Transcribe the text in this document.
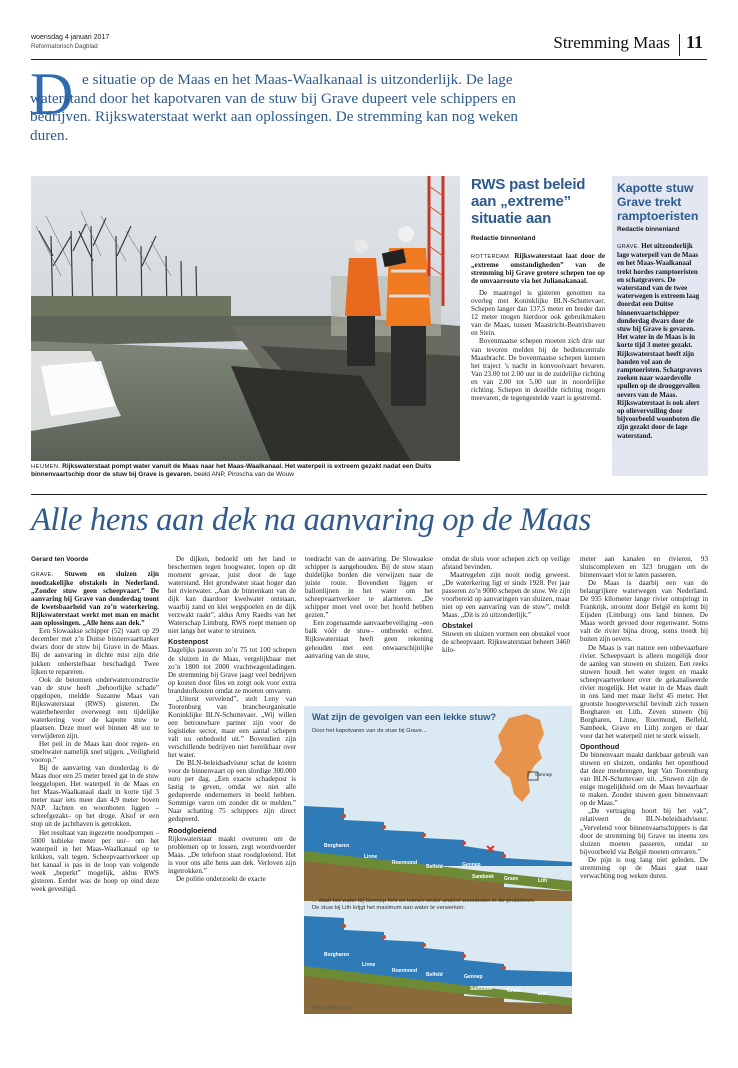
woensdag 4 januari 2017
Reformatorisch Dagblad	Stremming Maas 11
D e situatie op de Maas en het Maas-Waalkanaal is uitzonderlijk. De lage waterstand door het kapotvaren van de stuw bij Grave dupeert vele schippers en bedrijven. Rijkswaterstaat werkt aan oplossingen. De stremming kan nog weken duren.
HEUMEN. Rijkswaterstaat pompt water vanuit de Maas naar het Maas-Waalkanaal. Het waterpeil is extreem gezakt nadat een Duits binnenvaartschip door de stuw bij Grave is gevaren. beeld ANP, Piroscha van de Wouw
RWS past beleid aan „extreme” situatie aan
Redactie binnenland
ROTTERDAM. Rijkswaterstaat laat door de „extreme omstandigheden” van de stremming bij Grave grotere schepen toe op de omvaarroute via het Julianakanaal.
De maatregel is gisteren genomen na overleg met Koninklijke BLN-Schuttevaer. Schepen langer dan 137,5 meter en breder dan 12 meter mogen hierdoor ook gebruikmaken van de Maas, tussen Maastricht-Beatrixhaven en Stein.
Bovenmaatse schepen moeten zich drie uur van tevoren melden bij de bediencentrale Maasbracht. De bovenmaatse schepen kunnen het traject ’s nacht in konvooivaart bevaren. Van 23.00 tot 2.00 uur in de zuidelijke richting en van 2.00 tot 5.00 uur in noordelijke richting. Schepen in dezelfde richting mogen meevaren, de tegengestelde vaart is gestremd.
Kapotte stuw Grave trekt ramptoeristen
Redactie binnenland
GRAVE. Het uitzonderlijk lage waterpeil van de Maas en het Maas-Waalkanaal trekt hordes ramptoeristen en schatgravers. De waterstand van de twee waterwegen is extreem laag doordat een Duitse binnenvaartschipper donderdag dwars door de stuw bij Grave is gevaren. Het water in de Maas is in korte tijd 3 meter gezakt. Rijkswaterstaat heeft zijn handen vol aan de ramptoeristen. Schatgravers zoeken naar waardevolle spullen op de drooggevallen oevers van de Maas. Rijkswaterstaat is ook alert op olievervuiling door bijvoorbeeld woonboten die zijn gezakt door de lage waterstand.
Alle hens aan dek na aanvaring op de Maas
Gerard ten Voorde
GRAVE. Stuwen en sluizen zijn noodzakelijke obstakels in Nederland. „Zonder stuw geen scheepvaart.” De aanvaring bij Grave van donderdag toont de kwetsbaarheid van zo’n waterkering. Rijkswaterstaat werkt met man en macht aan oplossingen. „Alle hens aan dek.”
Een Slowaakse schipper (52) vaart op 29 december met z’n Duitse binnenvaarttanker dwars door de stuw bij Grave in de Maas. Bij de aanvaring in dichte mist zijn drie jukken onherstelbaar beschadigd. Twee lijken te repareren.
Ook de betonnen onderwaterconstructie van de stuw heeft „behoorlijke schade” opgelopen, meldde Suzanne Maas van Rijkswaterstaat (RWS) gisteren. De waterbeheerder overweegt een tijdelijke waterkering voor de kapotte stuw te plaatsen. Deze moet wel binnen 48 uur te verwijderen zijn.
Het peil in de Maas kan door regen- en smeltwater namelijk snel stijgen. „Veiligheid voorop.”
Bij de aanvaring van donderdag is de Maas door een 25 meter breed gat in de stuw leeggelopen. Het waterpeil in de Maas en het Maas-Waalkanaal daalt in korte tijd 3 meter naar iets meer dan 4,9 meter boven NAP. Jachten en woonboten liggen –scheefgezakt– op het droge. Alsof er een stop uit de jachthaven is getrokken.
Het resultaat van ingezette noodpompen –5000 kubieke meter per uur– om het waterpeil in het Maas-Waalkanaal op te krikken, valt tegen. Scheepvaartverkeer op het kanaal is pas in de loop van volgende week „beperkt” mogelijk, aldus RWS gisteren. Eerder was de hoop op eind deze week gevestigd.
De dijken, bedoeld om het land te beschermen tegen hoogwater, lopen op dit moment gevaar, juist door de lage waterstand. Het grondwater staat hoger dan het rivierwater. „Aan de binnenkant van de dijk kan daardoor kwelwater ontstaan, waarbij zand en klei wegspoelen en de dijk verzwakt raakt”, aldus Arny Raedts van het Waterschap Limburg. RWS roept mensen op niet langs het water te struinen.
Kostenpost
Dagelijks passeren zo’n 75 tot 100 schepen de sluizen in de Maas, vergelijkbaar met zo’n 1800 tot 2000 vrachtwagenladingen. De stremming bij Grave jaagt veel bedrijven op kosten door files en zorgt ook voor extra brandstofkosten omdat ze moeten omvaren.
„Uiterst vervelend”, stelt Leny van Toorenburg van brancheorganisatie Koninklijke BLN-Schuttevaer. „Wij willen een betrouwbare partner zijn voor de logistieke sector, maar een aantal schepen valt nu onbedoeld uit.” Bovendien zijn verschillende bedrijven niet bereikbaar over het water.
De BLN-beleidsadviseur schat de kosten voor de binnenvaart op een slordige 300.000 euro per dag. „Een exacte schadepost is lastig te geven, omdat we niet alle gedupeerde ondernemers in beeld hebben. Sommige varen om zonder dit te melden.” Naar schatting 75 schippers zijn direct gedupeerd.
Roodgloeiend
Rijkswaterstaat maakt overuren om de problemen op te lossen, zegt woordvoerder Maas. „De telefoon staat roodgloeiend. Het is voor ons alle hens aan dek. Verloven zijn ingetrokken.”
De politie onderzoekt de exacte
toedracht van de aanvaring. De Slowaakse schipper is aangehouden. Bij de stuw staan duidelijke borden die verwijzen naar de juiste route. Bovendien liggen er ballonlijnen in het water om het scheepvaartverkeer te alarmeren. „De schipper moet veel over het hoofd hebben gezien.”
Een zogenaamde aanvaarbeveiliging –een balk vóór de stuw– ontbreekt echter. Rijkswaterstaat heeft geen rekening gehouden met een onwaarschijnlijke aanvaring van de stuw,
omdat de sluis voor schepen zich op veilige afstand bevinden.
Maatregelen zijn nooit nodig geweest. „De waterkering ligt er sinds 1928. Per jaar passeren zo’n 9000 schepen de stuw. We zijn voorbereid op aanvaringen van sluizen, maar niet op een aanvaring van de stuw”, meldt Maas. „Dit is zó uitzonderlijk.”
Obstakel
Stuwen en sluizen vormen een obstakel voor de scheepvaart. Rijkswaterstaat beheert 3460 kilo-
meter aan kanalen en rivieren, 93 sluiscomplexen en 323 bruggen om de binnenvaart vlot te laten passeren.
De Maas is daarbij een van de belangrijkere waterwegen van Nederland. De 935 kilometer lange rivier ontspringt in Frankrijk, stroomt door België en komt bij Eijsden (Limburg) ons land binnen. De Maas wordt gevoed door regenwater. Soms valt de rivier bijna droog, soms treedt hij buiten zijn oevers.
De Maas is van nature een onbevaarbare rivier. Scheepvaart is alleen mogelijk door de aanleg van stuwen en sluizen. Een reeks stuwen houdt het water tegen en maakt scheepvaartverkeer over de gekanaliseerde rivier mogelijk. Het water in de Maas daalt in ons land met maar liefst 45 meter. Het grootste hoogteverschil bevindt zich tussen Borgharen en Lith. Zeven stuwen (bij Borgharen, Linne, Roermond, Belfeld, Sambeek, Grave en Lith) zorgen er daar voor dat het waterpeil niet te sterk wisselt.
Oponthoud
De binnenvaart maakt dankbaar gebruik van stuwen en sluizen, ondanks het oponthoud dat deze meebrengen, legt Van Toorenburg van BLN-Schuttevaer uit. „Stuwen zijn de enige mogelijkheid om de Maas bevaarbaar te maken. Zonder stuwen geen binnenvaart op de Maas.”
„De vertraging hoort bij het vak”, relativeert de BLN-beleidsadviseur. „Vervelend voor binnenvaartschippers is dat door de stremming bij Grave nu ineens zes sluizen moeten passeren, omdat ze bijvoorbeeld via België moeten omvaren.”
De pijn is nog lang niet geleden. De stremming op de Maas gaat naar verwachting nog weken duren.
Wat zijn de gevolgen van een lekke stuw?
Door het kapotvaren van de stuw bij Grave...
Gennep
Borgharen
Linne
Roermond
Belfeld	Gennep
Sambeek Grave	Lith
... daalt het water bij Gennep fors en komen onder andere woonboten in de problemen. De stuw bij Lith krijgt het maximum aan water te verwerken.
Borgharen
Linne
Roermond
Belfeld	Gennep
Sambeek	Grave	Lith
©RD, André Klever
